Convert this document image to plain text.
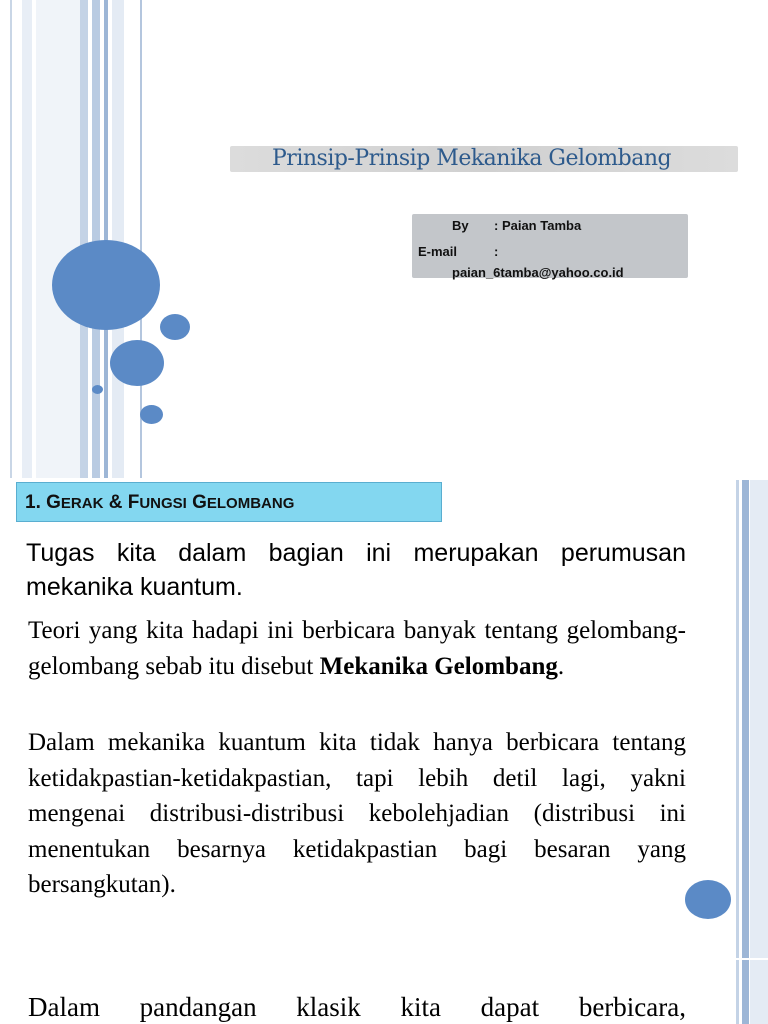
Prinsip-Prinsip Mekanika Gelombang
By : Paian Tamba
E-mail	:
paian_6tamba@yahoo.co.id
1. GERAK & FUNGSI GELOMBANG
Tugas kita dalam bagian ini merupakan perumusan mekanika kuantum.
Teori yang kita hadapi ini berbicara banyak tentang gelombang-gelombang sebab itu disebut Mekanika Gelombang.
Dalam mekanika kuantum kita tidak hanya berbicara tentang ketidakpastian-ketidakpastian, tapi lebih detil lagi, yakni mengenai distribusi-distribusi kebolehjadian (distribusi ini menentukan besarnya ketidakpastian bagi besaran yang bersangkutan).
Dalam pandangan klasik kita dapat berbicara,
